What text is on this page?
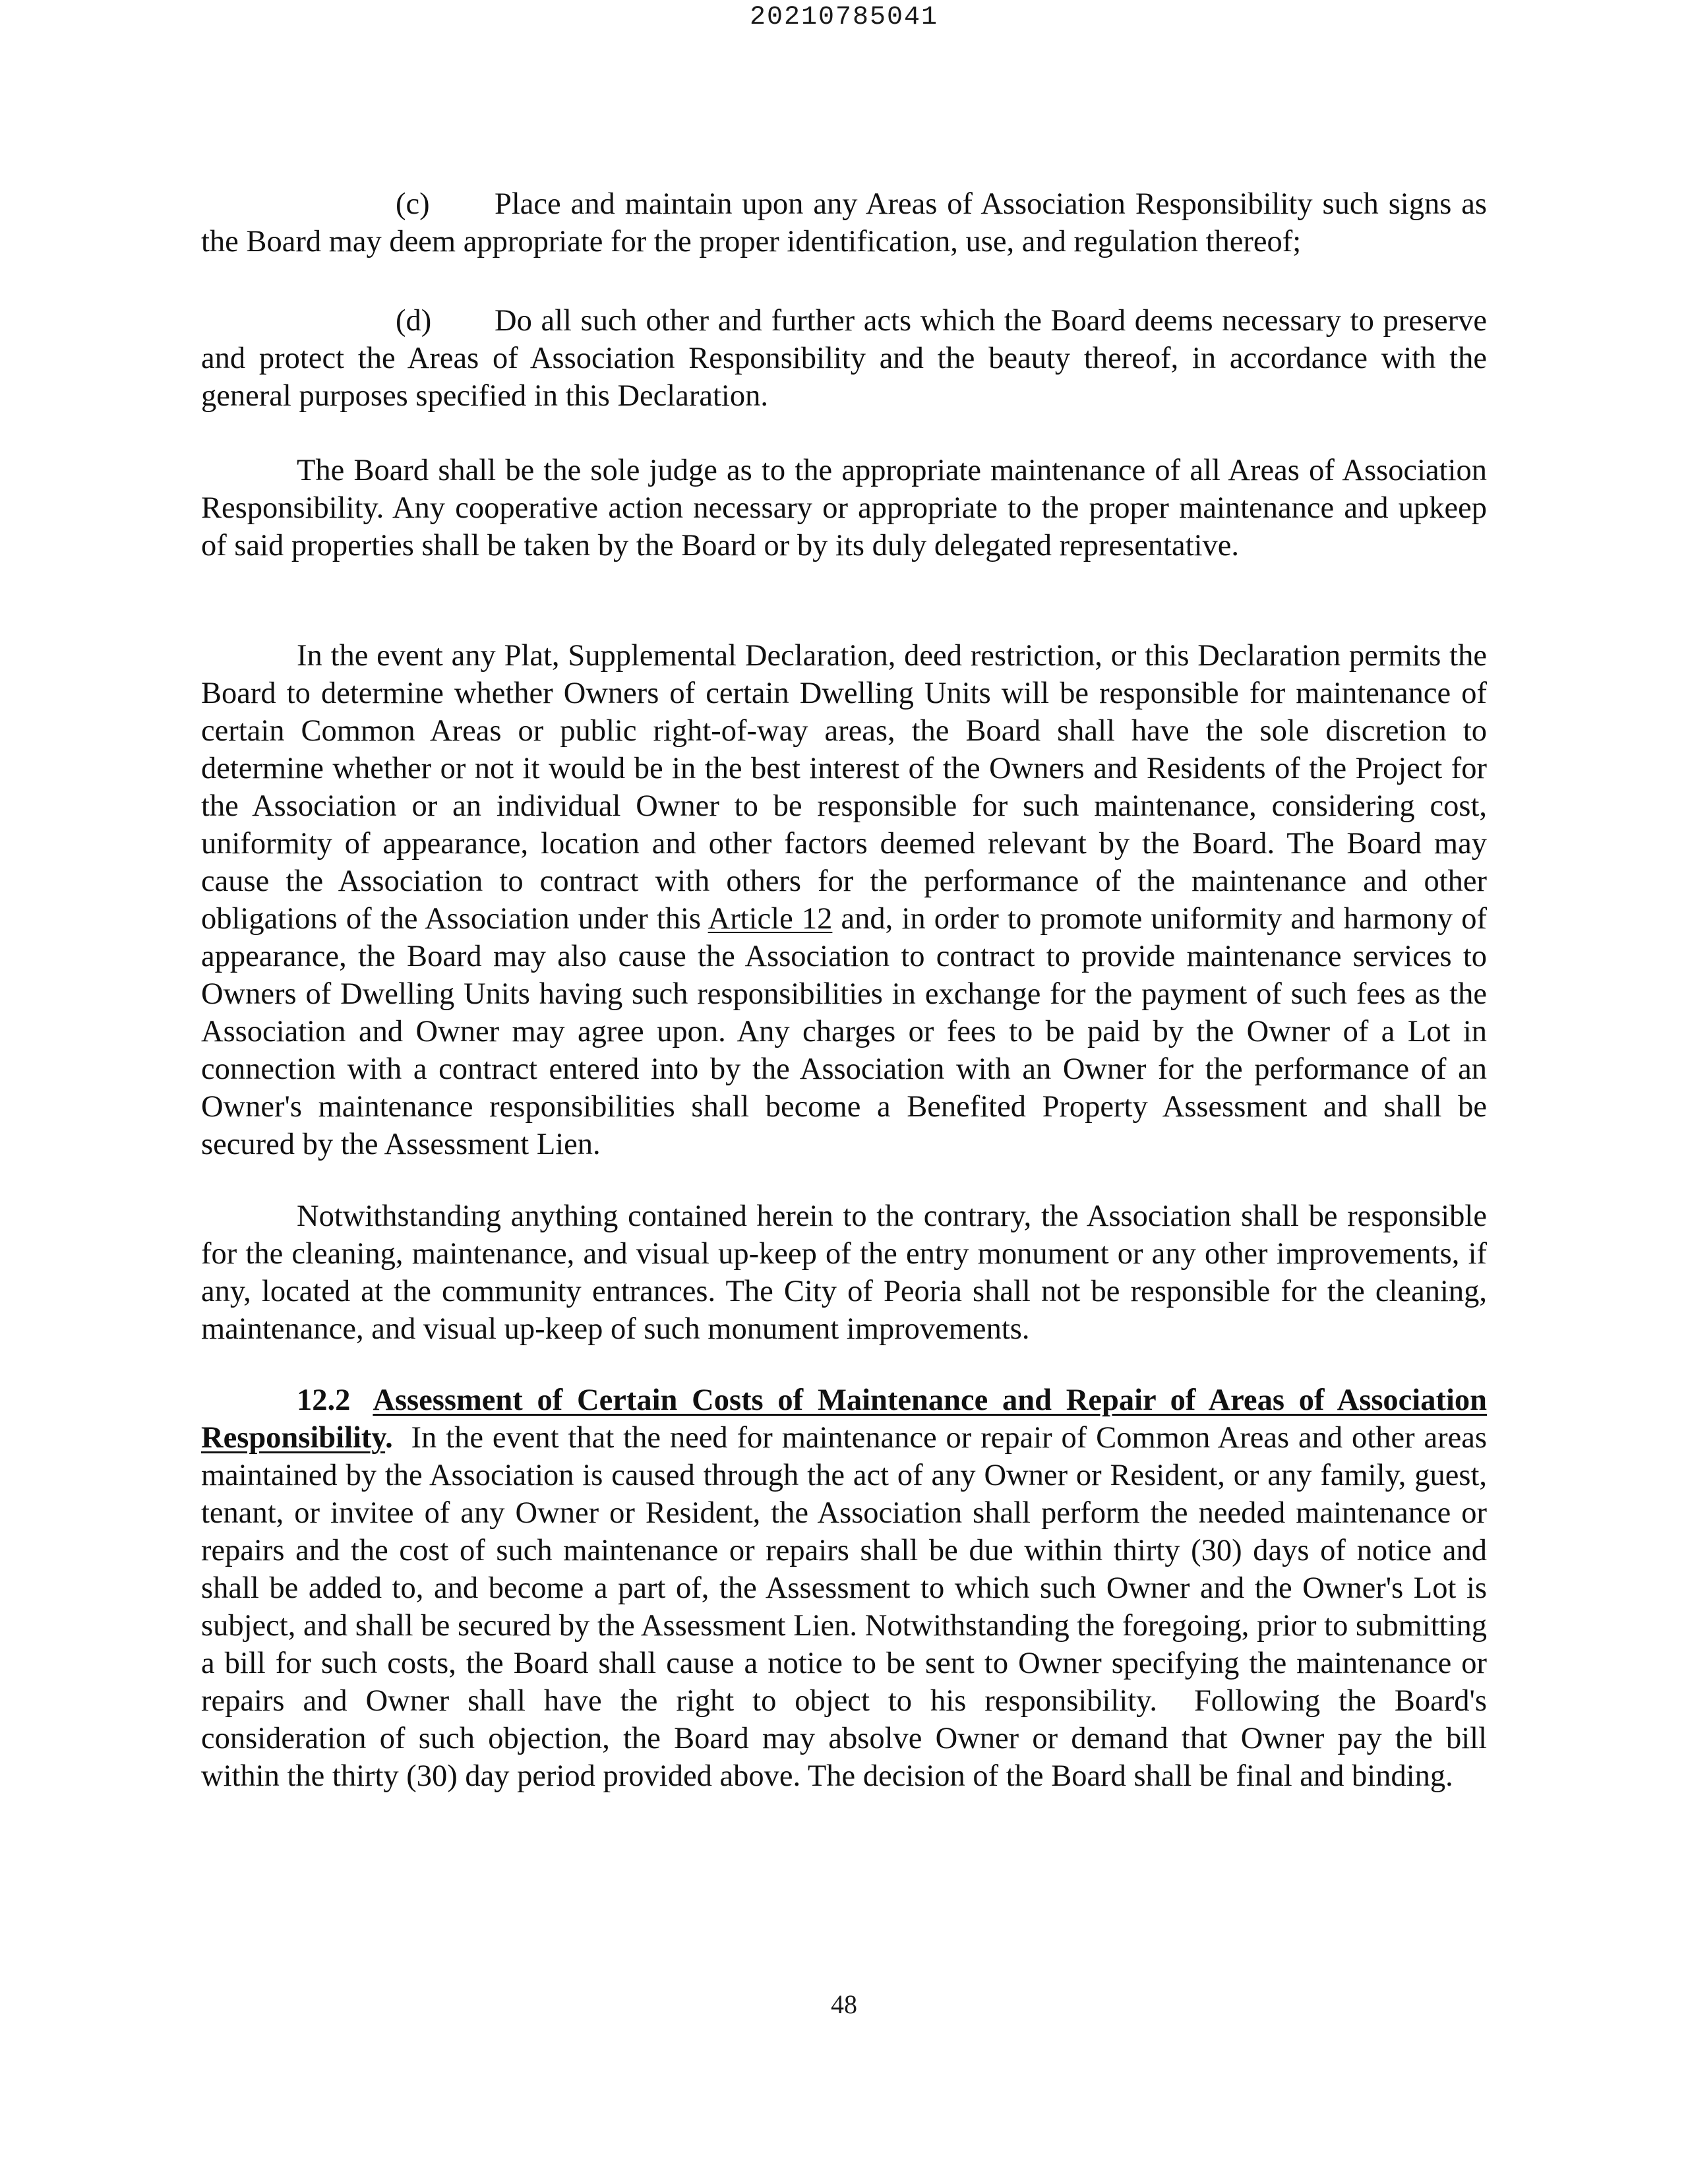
20210785041

(c) Place and maintain upon any Areas of Association Responsibility such signs as the Board may deem appropriate for the proper identification, use, and regulation thereof;

(d) Do all such other and further acts which the Board deems necessary to preserve and protect the Areas of Association Responsibility and the beauty thereof, in accordance with the general purposes specified in this Declaration.

The Board shall be the sole judge as to the appropriate maintenance of all Areas of Association Responsibility. Any cooperative action necessary or appropriate to the proper maintenance and upkeep of said properties shall be taken by the Board or by its duly delegated representative.

In the event any Plat, Supplemental Declaration, deed restriction, or this Declaration permits the Board to determine whether Owners of certain Dwelling Units will be responsible for maintenance of certain Common Areas or public right-of-way areas, the Board shall have the sole discretion to determine whether or not it would be in the best interest of the Owners and Residents of the Project for the Association or an individual Owner to be responsible for such maintenance, considering cost, uniformity of appearance, location and other factors deemed relevant by the Board. The Board may cause the Association to contract with others for the performance of the maintenance and other obligations of the Association under this Article 12 and, in order to promote uniformity and harmony of appearance, the Board may also cause the Association to contract to provide maintenance services to Owners of Dwelling Units having such responsibilities in exchange for the payment of such fees as the Association and Owner may agree upon. Any charges or fees to be paid by the Owner of a Lot in connection with a contract entered into by the Association with an Owner for the performance of an Owner's maintenance responsibilities shall become a Benefited Property Assessment and shall be secured by the Assessment Lien.

Notwithstanding anything contained herein to the contrary, the Association shall be responsible for the cleaning, maintenance, and visual up-keep of the entry monument or any other improvements, if any, located at the community entrances. The City of Peoria shall not be responsible for the cleaning, maintenance, and visual up-keep of such monument improvements.

12.2 Assessment of Certain Costs of Maintenance and Repair of Areas of Association Responsibility.  In the event that the need for maintenance or repair of Common Areas and other areas maintained by the Association is caused through the act of any Owner or Resident, or any family, guest, tenant, or invitee of any Owner or Resident, the Association shall perform the needed maintenance or repairs and the cost of such maintenance or repairs shall be due within thirty (30) days of notice and shall be added to, and become a part of, the Assessment to which such Owner and the Owner's Lot is subject, and shall be secured by the Assessment Lien. Notwithstanding the foregoing, prior to submitting a bill for such costs, the Board shall cause a notice to be sent to Owner specifying the maintenance or repairs and Owner shall have the right to object to his responsibility.  Following the Board's consideration of such objection, the Board may absolve Owner or demand that Owner pay the bill within the thirty (30) day period provided above. The decision of the Board shall be final and binding.

48
